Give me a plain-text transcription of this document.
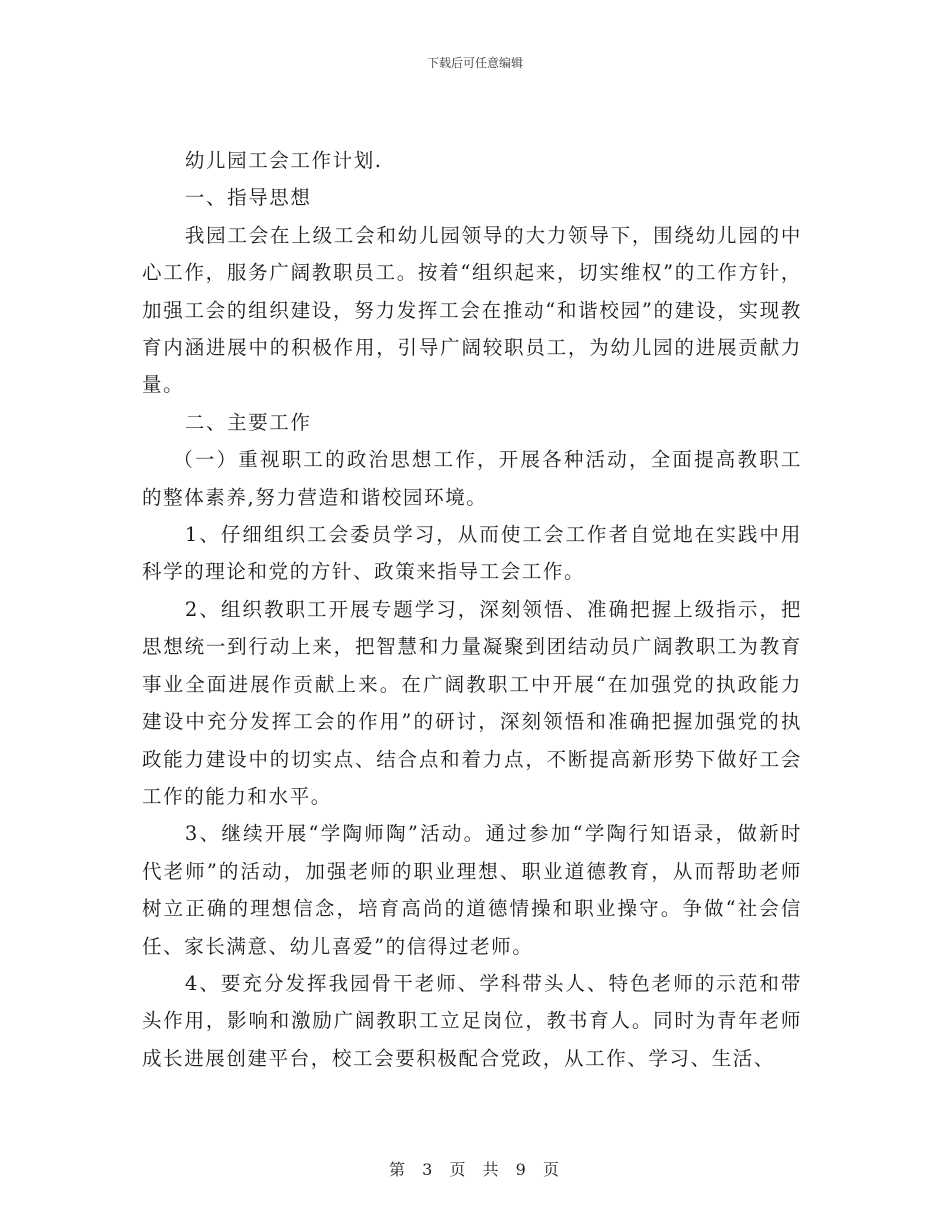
下载后可任意编辑

幼儿园工会工作计划.

一、指导思想

我园工会在上级工会和幼儿园领导的大力领导下，围绕幼儿园的中心工作，服务广阔教职员工。按着“组织起来，切实维权”的工作方针，加强工会的组织建设，努力发挥工会在推动“和谐校园”的建设，实现教育内涵进展中的积极作用，引导广阔较职员工，为幼儿园的进展贡献力量。

二、主要工作

（一）重视职工的政治思想工作，开展各种活动，全面提高教职工的整体素养,努力营造和谐校园环境。

1、仔细组织工会委员学习，从而使工会工作者自觉地在实践中用科学的理论和党的方针、政策来指导工会工作。

2、组织教职工开展专题学习，深刻领悟、准确把握上级指示，把思想统一到行动上来，把智慧和力量凝聚到团结动员广阔教职工为教育事业全面进展作贡献上来。在广阔教职工中开展“在加强党的执政能力建设中充分发挥工会的作用”的研讨，深刻领悟和准确把握加强党的执政能力建设中的切实点、结合点和着力点，不断提高新形势下做好工会工作的能力和水平。

3、继续开展“学陶师陶”活动。通过参加“学陶行知语录，做新时代老师”的活动，加强老师的职业理想、职业道德教育，从而帮助老师树立正确的理想信念，培育高尚的道德情操和职业操守。争做“社会信任、家长满意、幼儿喜爱”的信得过老师。

4、要充分发挥我园骨干老师、学科带头人、特色老师的示范和带头作用，影响和激励广阔教职工立足岗位，教书育人。同时为青年老师成长进展创建平台，校工会要积极配合党政，从工作、学习、生活、

第 3 页 共 9 页
